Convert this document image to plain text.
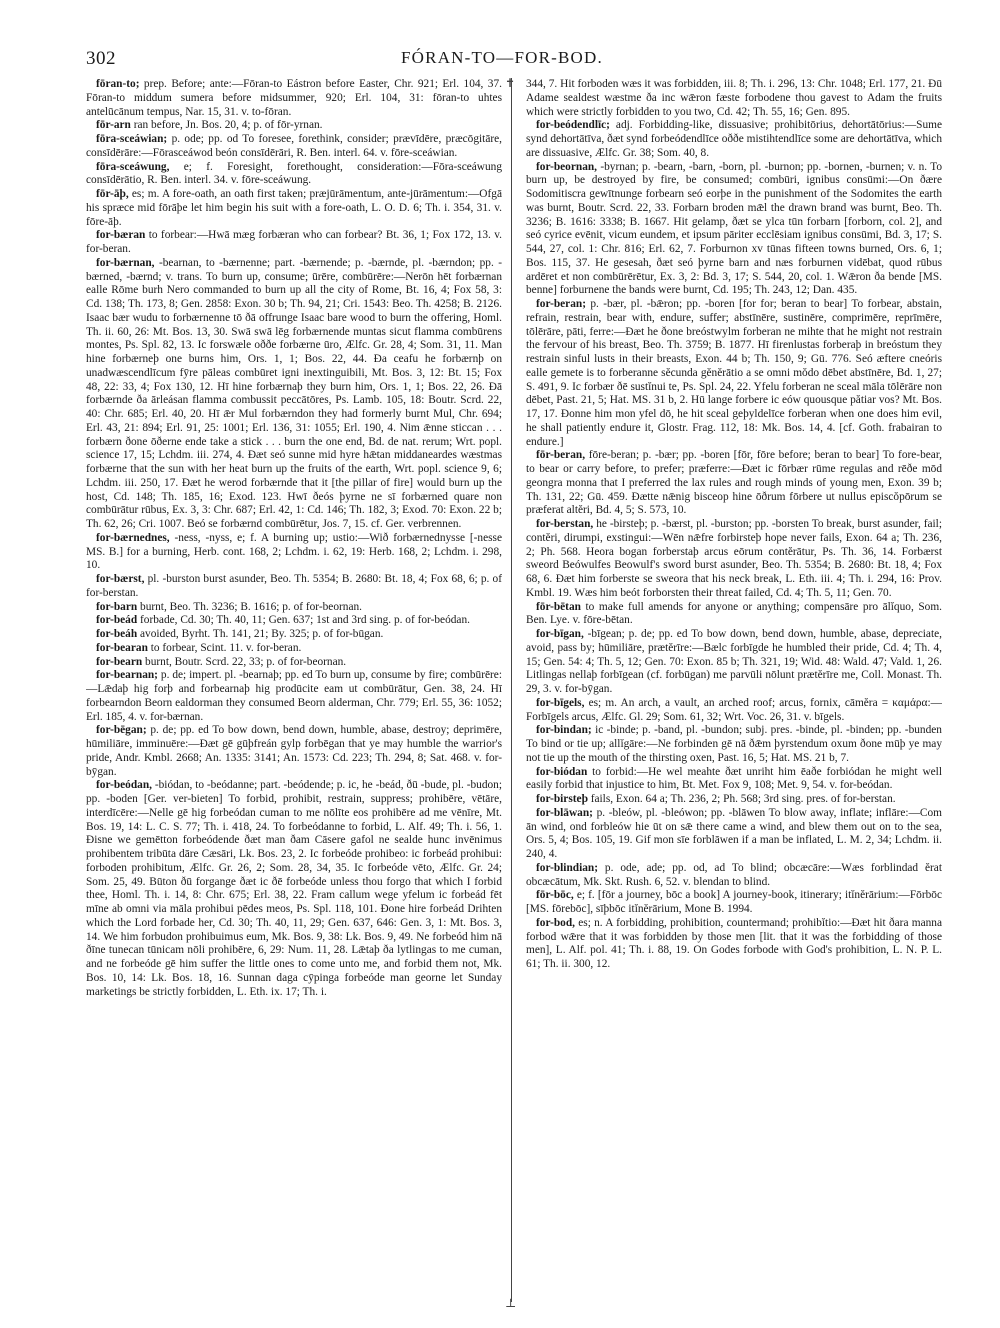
302	FÓRAN-TO—FOR-BOD.

fōran-to; prep. Before; ante:—Fōran-to Eástron before Easter, Chr. 921; Erl. 104, 37. Fōran-to middum sumera before midsummer, 920; Erl. 104, 31: fōran-to uhtes antelūcānum tempus, Nar. 15, 31. v. to-fōran.

fōr-arn ran before, Jn. Bos. 20, 4; p. of fōr-yrnan.

fōra-sceáwian; p. ode; pp. od To foresee, forethink, consider; prævīdēre, præcōgitāre, consīdērāre:—Fōrasceáwod beón consīdērāri, R. Ben. interl. 64. v. fōre-sceáwian.

fōra-sceáwung, e; f. Foresight, forethought, consideration:—Fōra-sceáwung consīdērātio, R. Ben. interl. 34. v. fōre-sceáwung.

fōr-āþ, es; m. A fore-oath, an oath first taken; præjūrāmentum, ante-jūrāmentum:—Ofgā his spræce mid fōrāþe let him begin his suit with a fore-oath, L. O. D. 6; Th. i. 354, 31. v. fōre-āþ.

for-bæran to forbear:—Hwā mæg forbæran who can forbear? Bt. 36, 1; Fox 172, 13. v. for-beran.

for-bærnan, -bearnan, to -bærnenne; part. -bærnende; p. -bærnde, pl. -bærndon; pp. -bærned, -bærnd; v. trans. To burn up, consume; ūrēre, combūrēre:—Nerōn hēt forbærnan ealle Rōme burh Nero commanded to burn up all the city of Rome, Bt. 16, 4; Fox 58, 3: Cd. 138; Th. 173, 8; Gen. 2858: Exon. 30 b; Th. 94, 21; Cri. 1543: Beo. Th. 4258; B. 2126. Isaac bær wudu to forbærnenne tō ðā offrunge Isaac bare wood to burn the offering, Homl. Th. ii. 60, 26: Mt. Bos. 13, 30. Swā swā lēg forbærnende muntas sicut flamma combūrens montes, Ps. Spl. 82, 13. Ic forswæle oððe forbærne ūro, Ælfc. Gr. 28, 4; Som. 31, 11. Man hine forbærneþ one burns him, Ors. 1, 1; Bos. 22, 44. Ða ceafu he forbærnþ on unadwæscendlīcum fȳre pāleas combūret igni inextinguibili, Mt. Bos. 3, 12: Bt. 15; Fox 48, 22: 33, 4; Fox 130, 12. Hī hine forbærnaþ they burn him, Ors. 1, 1; Bos. 22, 26. Ðā forbærnde ða ārleásan flamma combussit peccātōres, Ps. Lamb. 105, 18: Boutr. Scrd. 22, 40: Chr. 685; Erl. 40, 20. Hī ǣr Mul forbærndon they had formerly burnt Mul, Chr. 694; Erl. 43, 21: 894; Erl. 91, 25: 1001; Erl. 136, 31: 1055; Erl. 190, 4. Nim ǣnne sticcan . . . forbærn ðone ōðerne ende take a stick . . . burn the one end, Bd. de nat. rerum; Wrt. popl. science 17, 15; Lchdm. iii. 274, 4. Ðæt seó sunne mid hyre hǣtan middaneardes wæstmas forbærne that the sun with her heat burn up the fruits of the earth, Wrt. popl. science 9, 6; Lchdm. iii. 250, 17. Ðæt he werod forbærnde that it [the pillar of fire] would burn up the host, Cd. 148; Th. 185, 16; Exod. 123. Hwī ðeós þyrne ne sī forbærned quare non combūrātur rūbus, Ex. 3, 3: Chr. 687; Erl. 42, 1: Cd. 146; Th. 182, 3; Exod. 70: Exon. 22 b; Th. 62, 26; Cri. 1007. Beó se forbærnd combūrētur, Jos. 7, 15. cf. Ger. verbrennen.

for-bærnednes, -ness, -nyss, e; f. A burning up; ustio:—Wið forbærnednysse [-nesse MS. B.] for a burning, Herb. cont. 168, 2; Lchdm. i. 62, 19: Herb. 168, 2; Lchdm. i. 298, 10.

for-bærst, pl. -burston burst asunder, Beo. Th. 5354; B. 2680: Bt. 18, 4; Fox 68, 6; p. of for-berstan.

for-barn burnt, Beo. Th. 3236; B. 1616; p. of for-beornan.

for-beád forbade, Cd. 30; Th. 40, 11; Gen. 637; 1st and 3rd sing. p. of for-beódan.

for-beáh avoided, Byrht. Th. 141, 21; By. 325; p. of for-būgan.

for-bearan to forbear, Scint. 11. v. for-beran.

for-bearn burnt, Boutr. Scrd. 22, 33; p. of for-beornan.

for-bearnan; p. de; impert. pl. -bearnaþ; pp. ed To burn up, consume by fire; combūrēre:—Lǣdaþ hig forþ and forbearnaþ hig prodūcite eam ut combūrātur, Gen. 38, 24. Hī forbearndon Beorn ealdorman they consumed Beorn alderman, Chr. 779; Erl. 55, 36: 1052; Erl. 185, 4. v. for-bærnan.

for-bēgan; p. de; pp. ed To bow down, bend down, humble, abase, destroy; deprimēre, hūmiliāre, imminuēre:—Ðæt gē gūþfreán gylp forbēgan that ye may humble the warrior's pride, Andr. Kmbl. 2668; An. 1335: 3141; An. 1573: Cd. 223; Th. 294, 8; Sat. 468. v. for-bȳgan.

for-beódan, -biódan, to -beódanne; part. -beódende; p. ic, he -beád, ðū -bude, pl. -budon; pp. -boden [Ger. ver-bieten] To forbid, prohibit, restrain, suppress; prohibēre, vētāre, interdīcēre:—Nelle gē hig forbeódan cuman to me nōlīte eos prohibēre ad me vēnīre, Mt. Bos. 19, 14: L. C. S. 77; Th. i. 418, 24. To forbeódanne to forbid, L. Alf. 49; Th. i. 56, 1. Ðisne we gemētton forbeódende ðæt man ðam Cāsere gafol ne sealde hunc invēnimus prohibentem tribūta dāre Cæsāri, Lk. Bos. 23, 2. Ic forbeóde prohibeo: ic forbeád prohibui: forboden prohibitum, Ælfc. Gr. 26, 2; Som. 28, 34, 35. Ic forbeóde vēto, Ælfc. Gr. 24; Som. 25, 49. Būton ðū forgange ðæt ic ðē forbeóde unless thou forgo that which I forbid thee, Homl. Th. i. 14, 8: Chr. 675; Erl. 38, 22. Fram callum wege yfelum ic forbeád fēt mīne ab omni via māla prohibui pēdes meos, Ps. Spl. 118, 101. Ðone hire forbeád Drihten which the Lord forbade her, Cd. 30; Th. 40, 11, 29; Gen. 637, 646: Gen. 3, 1: Mt. Bos. 3, 14. We him forbudon prohibuimus eum, Mk. Bos. 9, 38: Lk. Bos. 9, 49. Ne forbeód him nā ðīne tunecan tūnicam nōli prohibēre, 6, 29: Num. 11, 28. Lǣtaþ ða lytlingas to me cuman, and ne forbeóde gē him suffer the little ones to come unto me, and forbid them not, Mk. Bos. 10, 14: Lk. Bos. 18, 16. Sunnan daga cȳpinga forbeóde man georne let Sunday marketings be strictly forbidden, L. Eth. ix. 17; Th. i.

✝
⊥

344, 7. Hit forboden wæs it was forbidden, iii. 8; Th. i. 296, 13: Chr. 1048; Erl. 177, 21. Ðū Adame sealdest wæstme ða inc wǣron fæste forbodene thou gavest to Adam the fruits which were strictly forbidden to you two, Cd. 42; Th. 55, 16; Gen. 895.

for-beódendlīc; adj. Forbidding-like, dissuasive; prohibitōrius, dehortātōrius:—Sume synd dehortātīva, ðæt synd forbeódendlīce oððe mistihtendlīce some are dehortātīva, which are dissuasive, Ælfc. Gr. 38; Som. 40, 8.

for-beornan, -byrnan; p. -bearn, -barn, -born, pl. -burnon; pp. -bornen, -burnen; v. n. To burn up, be destroyed by fire, be consumed; combūri, ignibus consūmi:—On ðære Sodomitiscra gewītnunge forbearn seó eorþe in the punishment of the Sodomites the earth was burnt, Boutr. Scrd. 22, 33. Forbarn broden mǣl the drawn brand was burnt, Beo. Th. 3236; B. 1616: 3338; B. 1667. Hit gelamp, ðæt se ylca tūn forbarn [forborn, col. 2], and seó cyrice evēnit, vicum eundem, et ipsum pāriter ecclēsiam ignibus consūmi, Bd. 3, 17; S. 544, 27, col. 1: Chr. 816; Erl. 62, 7. Forburnon xv tūnas fifteen towns burned, Ors. 6, 1; Bos. 115, 37. He gesesah, ðæt seó þyrne barn and næs forburnen vidēbat, quod rūbus ardēret et non combūrērētur, Ex. 3, 2: Bd. 3, 17; S. 544, 20, col. 1. Wǣron ða bende [MS. benne] forburnene the bands were burnt, Cd. 195; Th. 243, 12; Dan. 435.

for-beran; p. -bær, pl. -bǣron; pp. -boren [for for; beran to bear] To forbear, abstain, refrain, restrain, bear with, endure, suffer; abstīnēre, sustinēre, comprimēre, reprīmēre, tōlērāre, pāti, ferre:—Ðæt he ðone breóstwylm forberan ne mihte that he might not restrain the fervour of his breast, Beo. Th. 3759; B. 1877. Hī firenlustas forberaþ in breóstum they restrain sinful lusts in their breasts, Exon. 44 b; Th. 150, 9; Gū. 776. Seó æftere cneóris ealle gemete is to forberanne sĕcunda gĕnĕrātio a se omni mŏdo dēbet abstīnēre, Bd. 1, 27; S. 491, 9. Ic forbær ðē sustĭnui te, Ps. Spl. 24, 22. Yfelu forberan ne sceal māla tōlērāre non dēbet, Past. 21, 5; Hat. MS. 31 b, 2. Hū lange forbere ic eów quousque pătiar vos? Mt. Bos. 17, 17. Ðonne him mon yfel dō, he hit sceal geþyldelīce forberan when one does him evil, he shall patiently endure it, Glostr. Frag. 112, 18: Mk. Bos. 14, 4. [cf. Goth. frabairan to endure.]

fōr-beran, fōre-beran; p. -bær; pp. -boren [fōr, fōre before; beran to bear] To fore-bear, to bear or carry before, to prefer; præferre:—Ðæt ic fōrbær rūme regulas and rēðe mōd geongra monna that I preferred the lax rules and rough minds of young men, Exon. 39 b; Th. 131, 22; Gū. 459. Ðætte nǣnig bisceop hine ōðrum fōrbere ut nullus episcŏpōrum se præferat altĕri, Bd. 4, 5; S. 573, 10.

for-berstan, he -birsteþ; p. -bærst, pl. -burston; pp. -borsten To break, burst asunder, fail; contĕri, dirumpi, exstingui:—Wēn nǣfre forbirsteþ hope never fails, Exon. 64 a; Th. 236, 2; Ph. 568. Heora bogan forberstaþ arcus eōrum contĕrātur, Ps. Th. 36, 14. Forbærst sweord Beówulfes Beowulf's sword burst asunder, Beo. Th. 5354; B. 2680: Bt. 18, 4; Fox 68, 6. Ðæt him forberste se sweora that his neck break, L. Eth. iii. 4; Th. i. 294, 16: Prov. Kmbl. 19. Wæs him beót forborsten their threat failed, Cd. 4; Th. 5, 11; Gen. 70.

fōr-bētan to make full amends for anyone or anything; compensāre pro ālĭquo, Som. Ben. Lye. v. fōre-bētan.

for-bīgan, -bīgean; p. de; pp. ed To bow down, bend down, humble, abase, depreciate, avoid, pass by; hūmiliāre, prætĕrīre:—Bælc forbīgde he humbled their pride, Cd. 4; Th. 4, 15; Gen. 54: 4; Th. 5, 12; Gen. 70: Exon. 85 b; Th. 321, 19; Wid. 48: Wald. 47; Vald. 1, 26. Litlingas nellaþ forbīgean (cf. forbūgan) me parvūli nōlunt prætĕrīre me, Coll. Monast. Th. 29, 3. v. for-bȳgan.

for-bīgels, es; m. An arch, a vault, an arched roof; arcus, fornix, cāmĕra = καμάρα:—Forbīgels arcus, Ælfc. Gl. 29; Som. 61, 32; Wrt. Voc. 26, 31. v. bīgels.

for-bindan; ic -binde; p. -band, pl. -bundon; subj. pres. -binde, pl. -binden; pp. -bunden To bind or tie up; allĭgāre:—Ne forbinden gē nā ðǣm þyrstendum oxum ðone mūþ ye may not tie up the mouth of the thirsting oxen, Past. 16, 5; Hat. MS. 21 b, 7.

for-biódan to forbid:—He wel meahte ðæt unriht him ēaðe forbiódan he might well easily forbid that injustice to him, Bt. Met. Fox 9, 108; Met. 9, 54. v. for-beódan.

for-birsteþ fails, Exon. 64 a; Th. 236, 2; Ph. 568; 3rd sing. pres. of for-berstan.

for-blāwan; p. -bleów, pl. -bleówon; pp. -blāwen To blow away, inflate; inflāre:—Com ān wind, ond forbleów hie ūt on sǣ there came a wind, and blew them out on to the sea, Ors. 5, 4; Bos. 105, 19. Gif mon sīe forblāwen if a man be inflated, L. M. 2, 34; Lchdm. ii. 240, 4.

for-blindian; p. ode, ade; pp. od, ad To blind; obcæcāre:—Wæs forblindad ĕrat obcæcātum, Mk. Skt. Rush. 6, 52. v. blendan to blind.

fōr-bōc, e; f. [fōr a journey, bōc a book] A journey-book, itinerary; itĭnĕrārium:—Fōrbōc [MS. fōrebōc], sīþbōc itĭnĕrārium, Mone B. 1994.

for-bod, es; n. A forbidding, prohibition, countermand; prohibĭtio:—Ðæt hit ðara manna forbod wǣre that it was forbidden by those men [lit. that it was the forbidding of those men], L. Alf. pol. 41; Th. i. 88, 19. On Godes forbode with God's prohibition, L. N. P. L. 61; Th. ii. 300, 12.
